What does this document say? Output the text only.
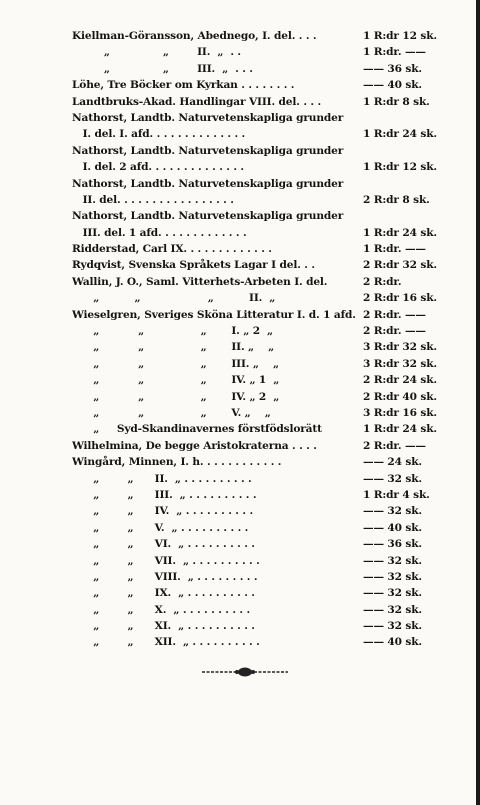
Kiellman-Göransson, Abednego, I. del. . . .	1 R:dr 12 sk.
„               „        II.  „  . .	1 R:dr. ——
„               „        III.  „  . . .	—— 36 sk.
Löhe, Tre Böcker om Kyrkan . . . . . . . .	—— 40 sk.
Landtbruks-Akad. Handlingar VIII. del. . . .	1 R:dr 8 sk.
Nathorst, Landtb. Naturvetenskapliga grunder
I. del. I. afd. . . . . . . . . . . . . .	1 R:dr 24 sk.
Nathorst, Landtb. Naturvetenskapliga grunder
I. del. 2 afd. . . . . . . . . . . . . .	1 R:dr 12 sk.
Nathorst, Landtb. Naturvetenskapliga grunder
II. del. . . . . . . . . . . . . . . . .	2 R:dr 8 sk.
Nathorst, Landtb. Naturvetenskapliga grunder
III. del. 1 afd. . . . . . . . . . . . .	1 R:dr 24 sk.
Ridderstad, Carl IX. . . . . . . . . . . . .	1 R:dr. ——
Rydqvist, Svenska Språkets Lagar I del. . .	2 R:dr 32 sk.
Wallin, J. O., Saml. Vitterhets-Arbeten I. del.	2 R:dr.
„          „                   „          II.  „	2 R:dr 16 sk.
Wieselgren, Sveriges Sköna Litteratur I. d. 1 afd. 2 R:dr. ——
„           „                „       I. „ 2  „	2 R:dr. ——
„           „                „       II. „    „	3 R:dr 32 sk.
„           „                „       III. „    „	3 R:dr 32 sk.
„           „                „       IV. „ 1  „	2 R:dr 24 sk.
„           „                „       IV. „ 2  „	2 R:dr 40 sk.
„           „                „       V. „    „	3 R:dr 16 sk.
„     Syd-Skandinavernes förstfödslorätt	1 R:dr 24 sk.
Wilhelmina, De begge Aristokraterna . . . .	2 R:dr. ——
Wingård, Minnen, I. h. . . . . . . . . . . .	—— 24 sk.
„        „      II.  „ . . . . . . . . . .	—— 32 sk.
„        „      III.  „ . . . . . . . . . .	1 R:dr 4 sk.
„        „      IV.  „ . . . . . . . . . .	—— 32 sk.
„        „      V.  „ . . . . . . . . . .	—— 40 sk.
„        „      VI.  „ . . . . . . . . . .	—— 36 sk.
„        „      VII.  „ . . . . . . . . . .	—— 32 sk.
„        „      VIII.  „ . . . . . . . . .	—— 32 sk.
„        „      IX.  „ . . . . . . . . . .	—— 32 sk.
„        „      X.  „ . . . . . . . . . .	—— 32 sk.
„        „      XI.  „ . . . . . . . . . .	—— 32 sk.
„        „      XII.  „ . . . . . . . . . .	—— 40 sk.
